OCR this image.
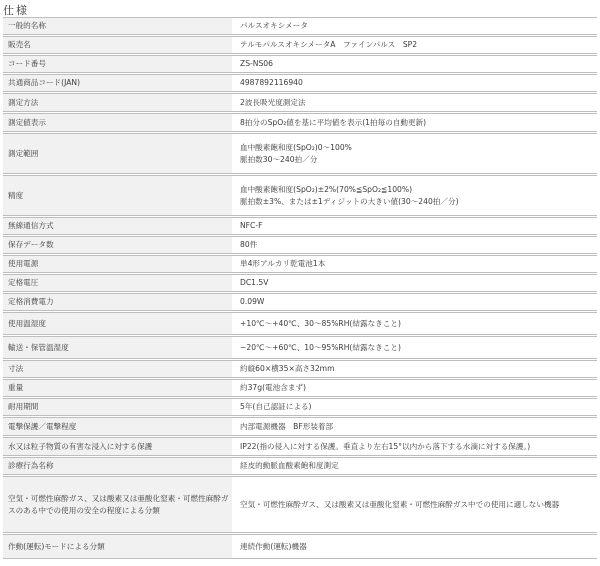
仕様
一般的名称	パルスオキシメータ

販売名	テルモパルスオキシメータA　ファインパルス　SP2

コード番号	ZS-NS06

共通商品コード(JAN)	4987892116940

測定方法	2波長吸光度測定法

測定値表示	8拍分のSpO₂値を基に平均値を表示(1拍毎の自動更新)

測定範囲	血中酸素飽和度(SpO₂)0〜100%
脈拍数30〜240拍／分

精度	血中酸素飽和度(SpO₂)±2%(70%≦SpO₂≦100%)
脈拍数±3%、または±1ディジットの大きい値(30〜240拍／分)

無線通信方式	NFC-F

保存データ数	80件

使用電源	単4形アルカリ乾電池1本

定格電圧	DC1.5V

定格消費電力	0.09W

使用温湿度	+10℃〜+40℃、30〜85%RH(結露なきこと)

輸送・保管温湿度	−20℃〜+60℃、10〜95%RH(結露なきこと)

寸法	約縦60×横35×高さ32mm

重量	約37g(電池含まず)

耐用期間	5年(自己認証による)

電撃保護／電撃程度	内部電源機器　BF形装着部

水又は粒子物質の有害な浸入に対する保護	IP22(指の侵入に対する保護。垂直より左右15°以内から落下する水滴に対する保護。)

診療行為名称	経皮的動脈血酸素飽和度測定

空気・可燃性麻酔ガス、又は酸素又は亜酸化窒素・可燃性麻酔ガスのある中での使用の安全の程度による分類	空気・可燃性麻酔ガス、又は酸素又は亜酸化窒素・可燃性麻酔ガス中での使用に適しない機器

作動(運転)モードによる分類	連続作動(運転)機器
